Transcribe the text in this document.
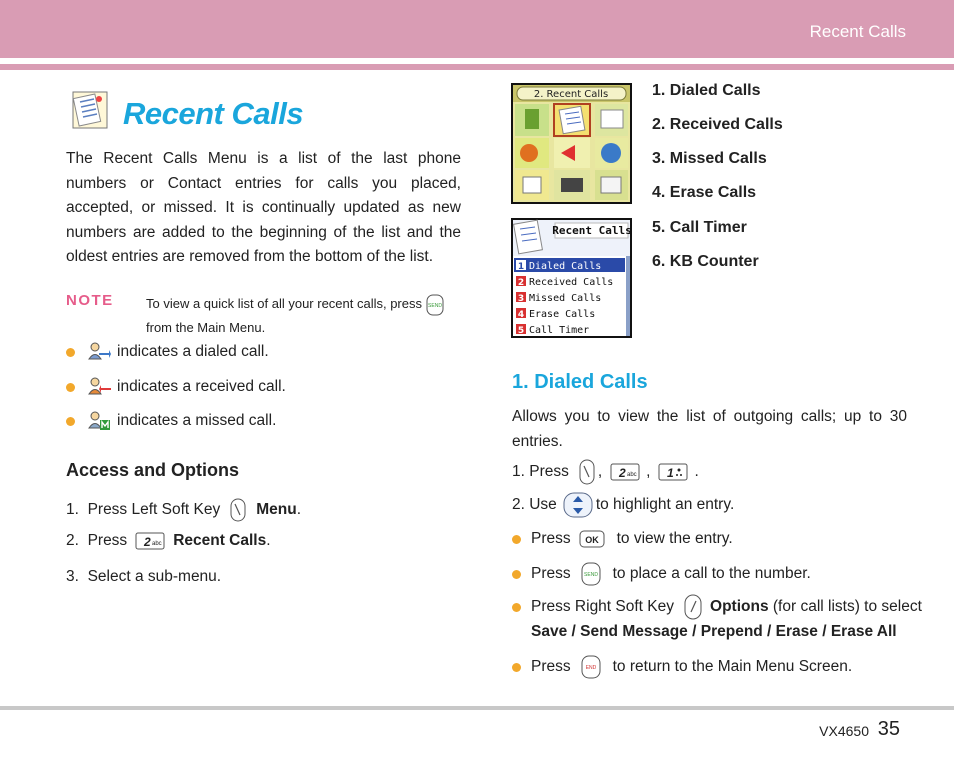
Recent Calls
Recent Calls
The Recent Calls Menu is a list of the last phone numbers or Contact entries for calls you placed, accepted, or missed. It is continually updated as new numbers are added to the beginning of the list and the oldest entries are removed from the bottom of the list.
NOTE To view a quick list of all your recent calls, press SEND

from the Main Menu.
indicates a dialed call.
indicates a received call.
indicates a missed call.
Access and Options
1.
Press Left Soft Key Menu .
2.
Press 2 abc Recent Calls .
3.
Select a sub-menu.
2. Recent Calls
Recent Calls
1 Dialed Calls
2 Received Calls
3 Missed Calls
4 Erase Calls
5 Call Timer
1. Dialed Calls
2. Received Calls
3. Missed Calls
4. Erase Calls
5. Call Timer
6. KB Counter
1. Dialed Calls
Allows you to view the list of outgoing calls; up to 30 entries.
1. Press , 2 abc , 1 .
2. Use	to highlight an entry.
Press OK to view the entry.
Press	SEND to place a call to the number.
Press Right Soft Key Options
(for call lists) to select
Save / Send Message / Prepend / Erase / Erase All
Press	END to return to the Main Menu Screen.
VX4650 35
